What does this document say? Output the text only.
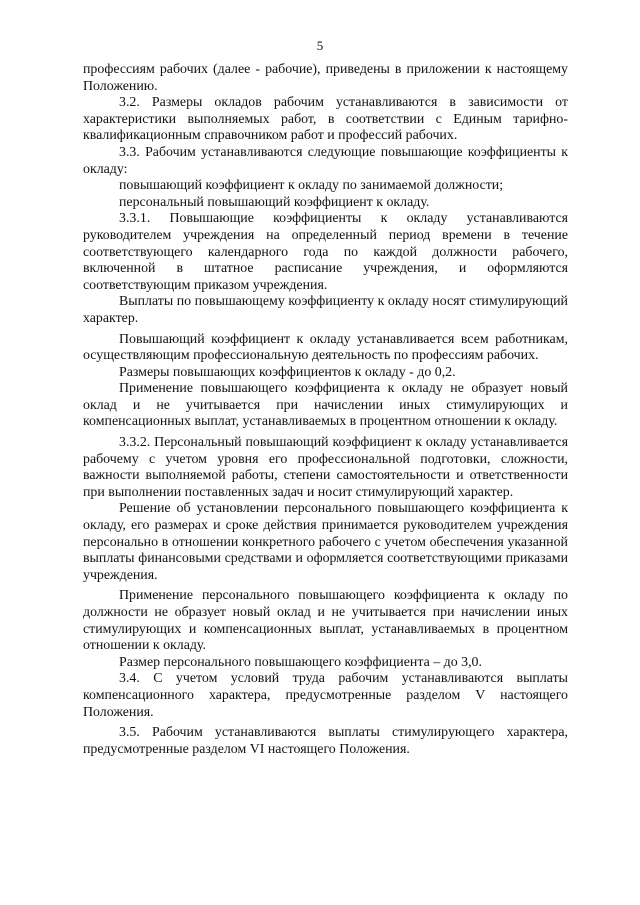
5

профессиям рабочих (далее - рабочие), приведены в приложении к настоящему Положению.

3.2. Размеры окладов рабочим устанавливаются в зависимости от характеристики выполняемых работ, в соответствии с Единым тарифно-квалификационным справочником работ и профессий рабочих.

3.3. Рабочим устанавливаются следующие повышающие коэффициенты к окладу:

повышающий коэффициент к окладу по занимаемой должности;

персональный повышающий коэффициент к окладу.

3.3.1. Повышающие коэффициенты к окладу устанавливаются руководителем учреждения на определенный период времени в течение соответствующего календарного года по каждой должности рабочего, включенной в штатное расписание учреждения, и оформляются соответствующим приказом учреждения.

Выплаты по повышающему коэффициенту к окладу носят стимулирующий характер.

Повышающий коэффициент к окладу устанавливается всем работникам, осуществляющим профессиональную деятельность по профессиям рабочих.

Размеры повышающих коэффициентов к окладу - до 0,2.

Применение повышающего коэффициента к окладу не образует новый оклад и не учитывается при начислении иных стимулирующих и компенсационных выплат, устанавливаемых в процентном отношении к окладу.

3.3.2. Персональный повышающий коэффициент к окладу устанавливается рабочему с учетом уровня его профессиональной подготовки, сложности, важности выполняемой работы, степени самостоятельности и ответственности при выполнении поставленных задач и носит стимулирующий характер.

Решение об установлении персонального повышающего коэффициента к окладу, его размерах и сроке действия принимается руководителем учреждения персонально в отношении конкретного рабочего с учетом обеспечения указанной выплаты финансовыми средствами и оформляется соответствующими приказами учреждения.

Применение персонального повышающего коэффициента к окладу по должности не образует новый оклад и не учитывается при начислении иных стимулирующих и компенсационных выплат, устанавливаемых в процентном отношении к окладу.

Размер персонального повышающего коэффициента – до 3,0.

3.4. С учетом условий труда рабочим устанавливаются выплаты компенсационного характера, предусмотренные разделом V настоящего Положения.

3.5. Рабочим устанавливаются выплаты стимулирующего характера, предусмотренные разделом VI настоящего Положения.
